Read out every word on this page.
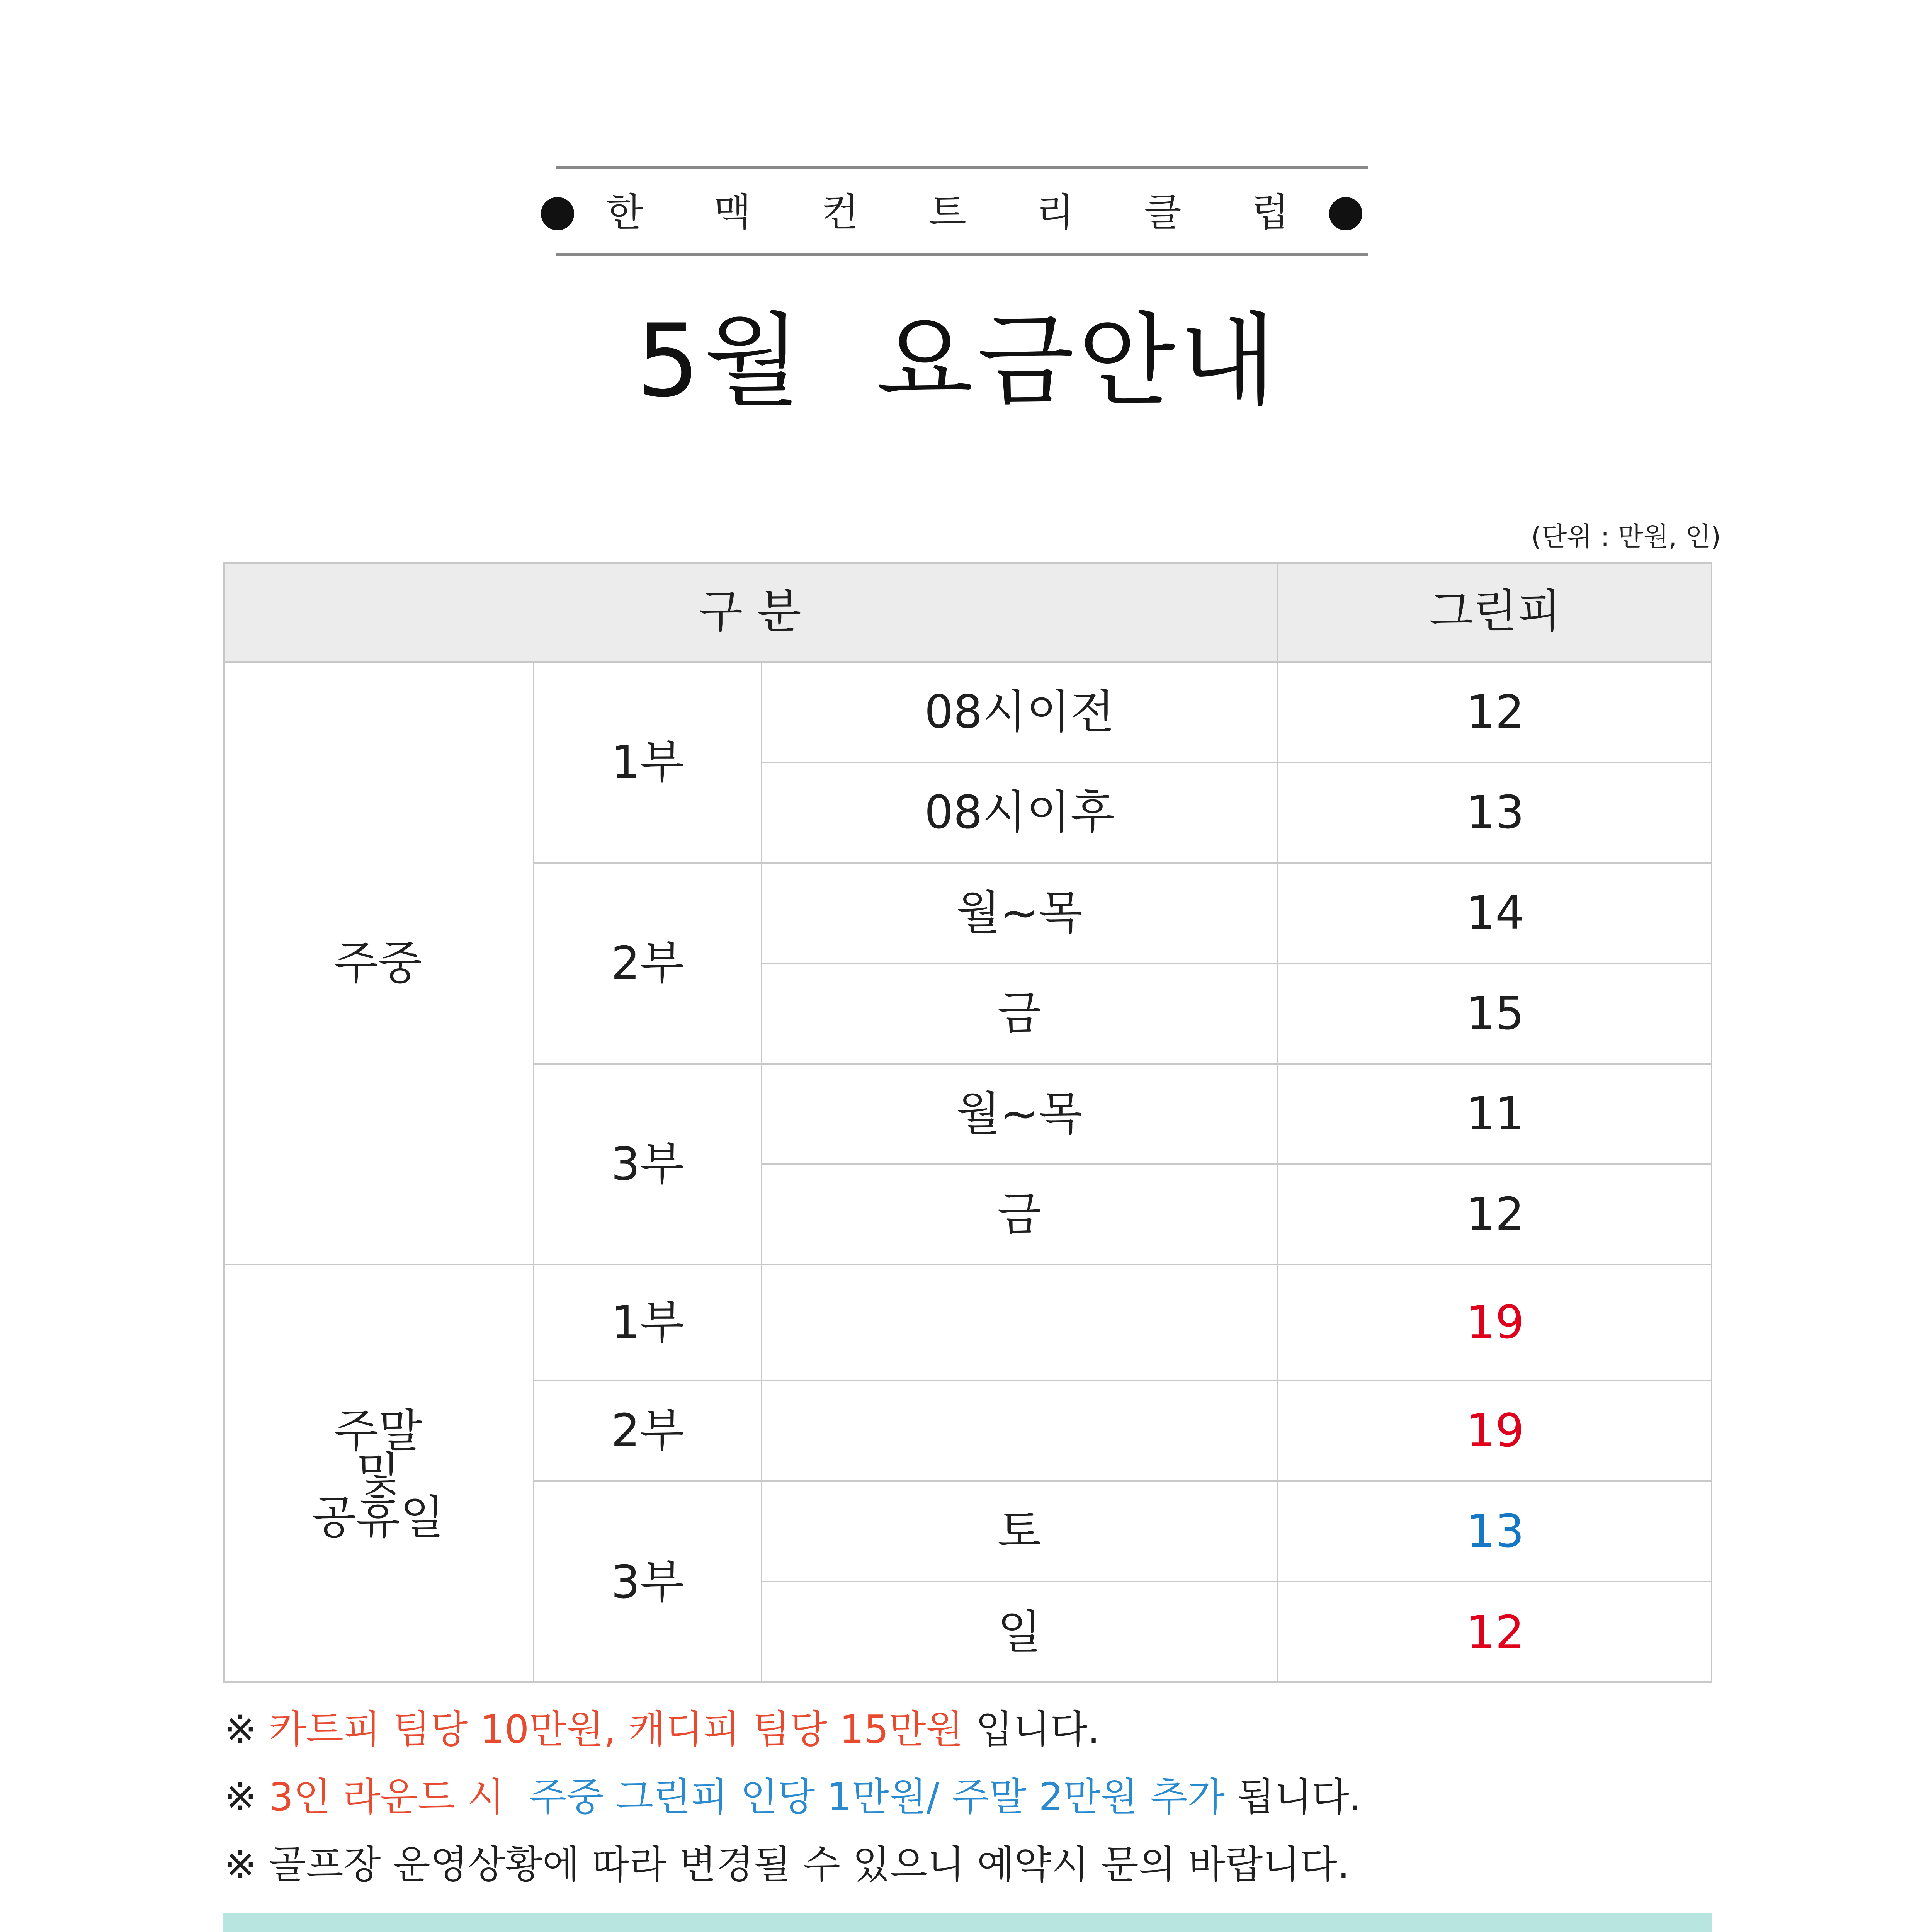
한 맥 컨 트 리 클 럽
5월  요금안내
(단위 : 만원, 인)
구 분	그린피
주중
1부
08시이전	12
08시이후	13
2부
월~목	14
금	15
3부
월~목	11
금	12
주말
및
공휴일
1부	19
2부	19
3부
토	13
일	12
※ 카트피 팀당 10만원, 캐디피 팀당 15만원 입니다.
※ 3인 라운드 시  주중 그린피 인당 1만원/ 주말 2만원 추가 됩니다.
※ 골프장 운영상황에 따라 변경될 수 있으니 예약시 문의 바랍니다.
